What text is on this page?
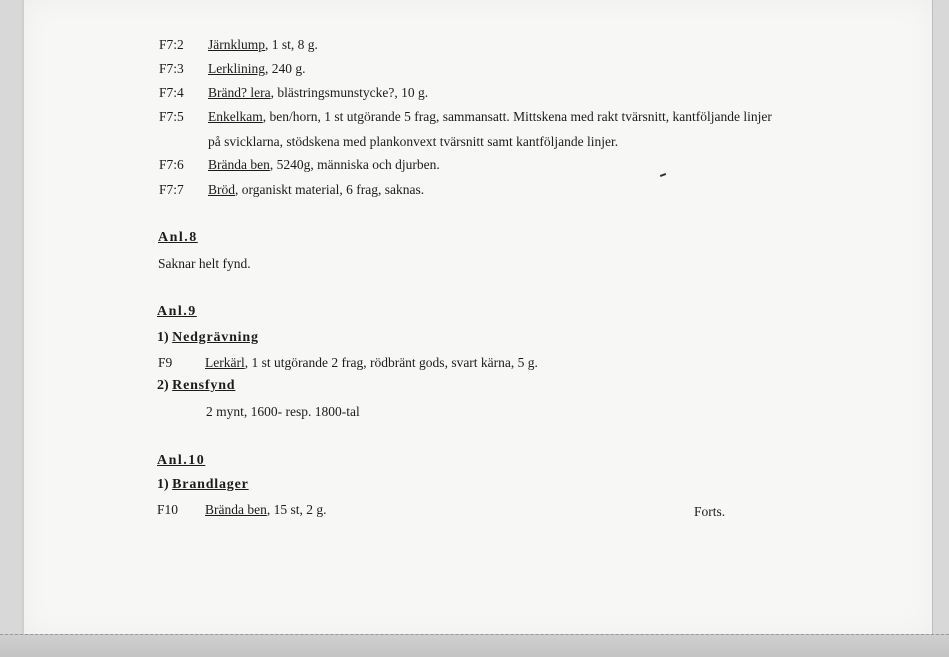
F7:2 Järnklump, 1 st, 8 g.
F7:3 Lerklining, 240 g.
F7:4 Bränd? lera, blästringsmunstycke?, 10 g.
F7:5 Enkelkam, ben/horn, 1 st utgörande 5 frag, sammansatt. Mittskena med rakt tvärsnitt, kantföljande linjer
på svicklarna, stödskena med plankonvext tvärsnitt samt kantföljande linjer.
F7:6 Brända ben, 5240g, människa och djurben.
F7:7 Bröd, organiskt material, 6 frag, saknas.
Anl.8
Saknar helt fynd.
Anl.9
1) Nedgrävning
F9 Lerkärl, 1 st utgörande 2 frag, rödbränt gods, svart kärna, 5 g.
2) Rensfynd
2 mynt, 1600- resp. 1800-tal
Anl.10
1) Brandlager
F10 Brända ben, 15 st, 2 g.	Forts.
